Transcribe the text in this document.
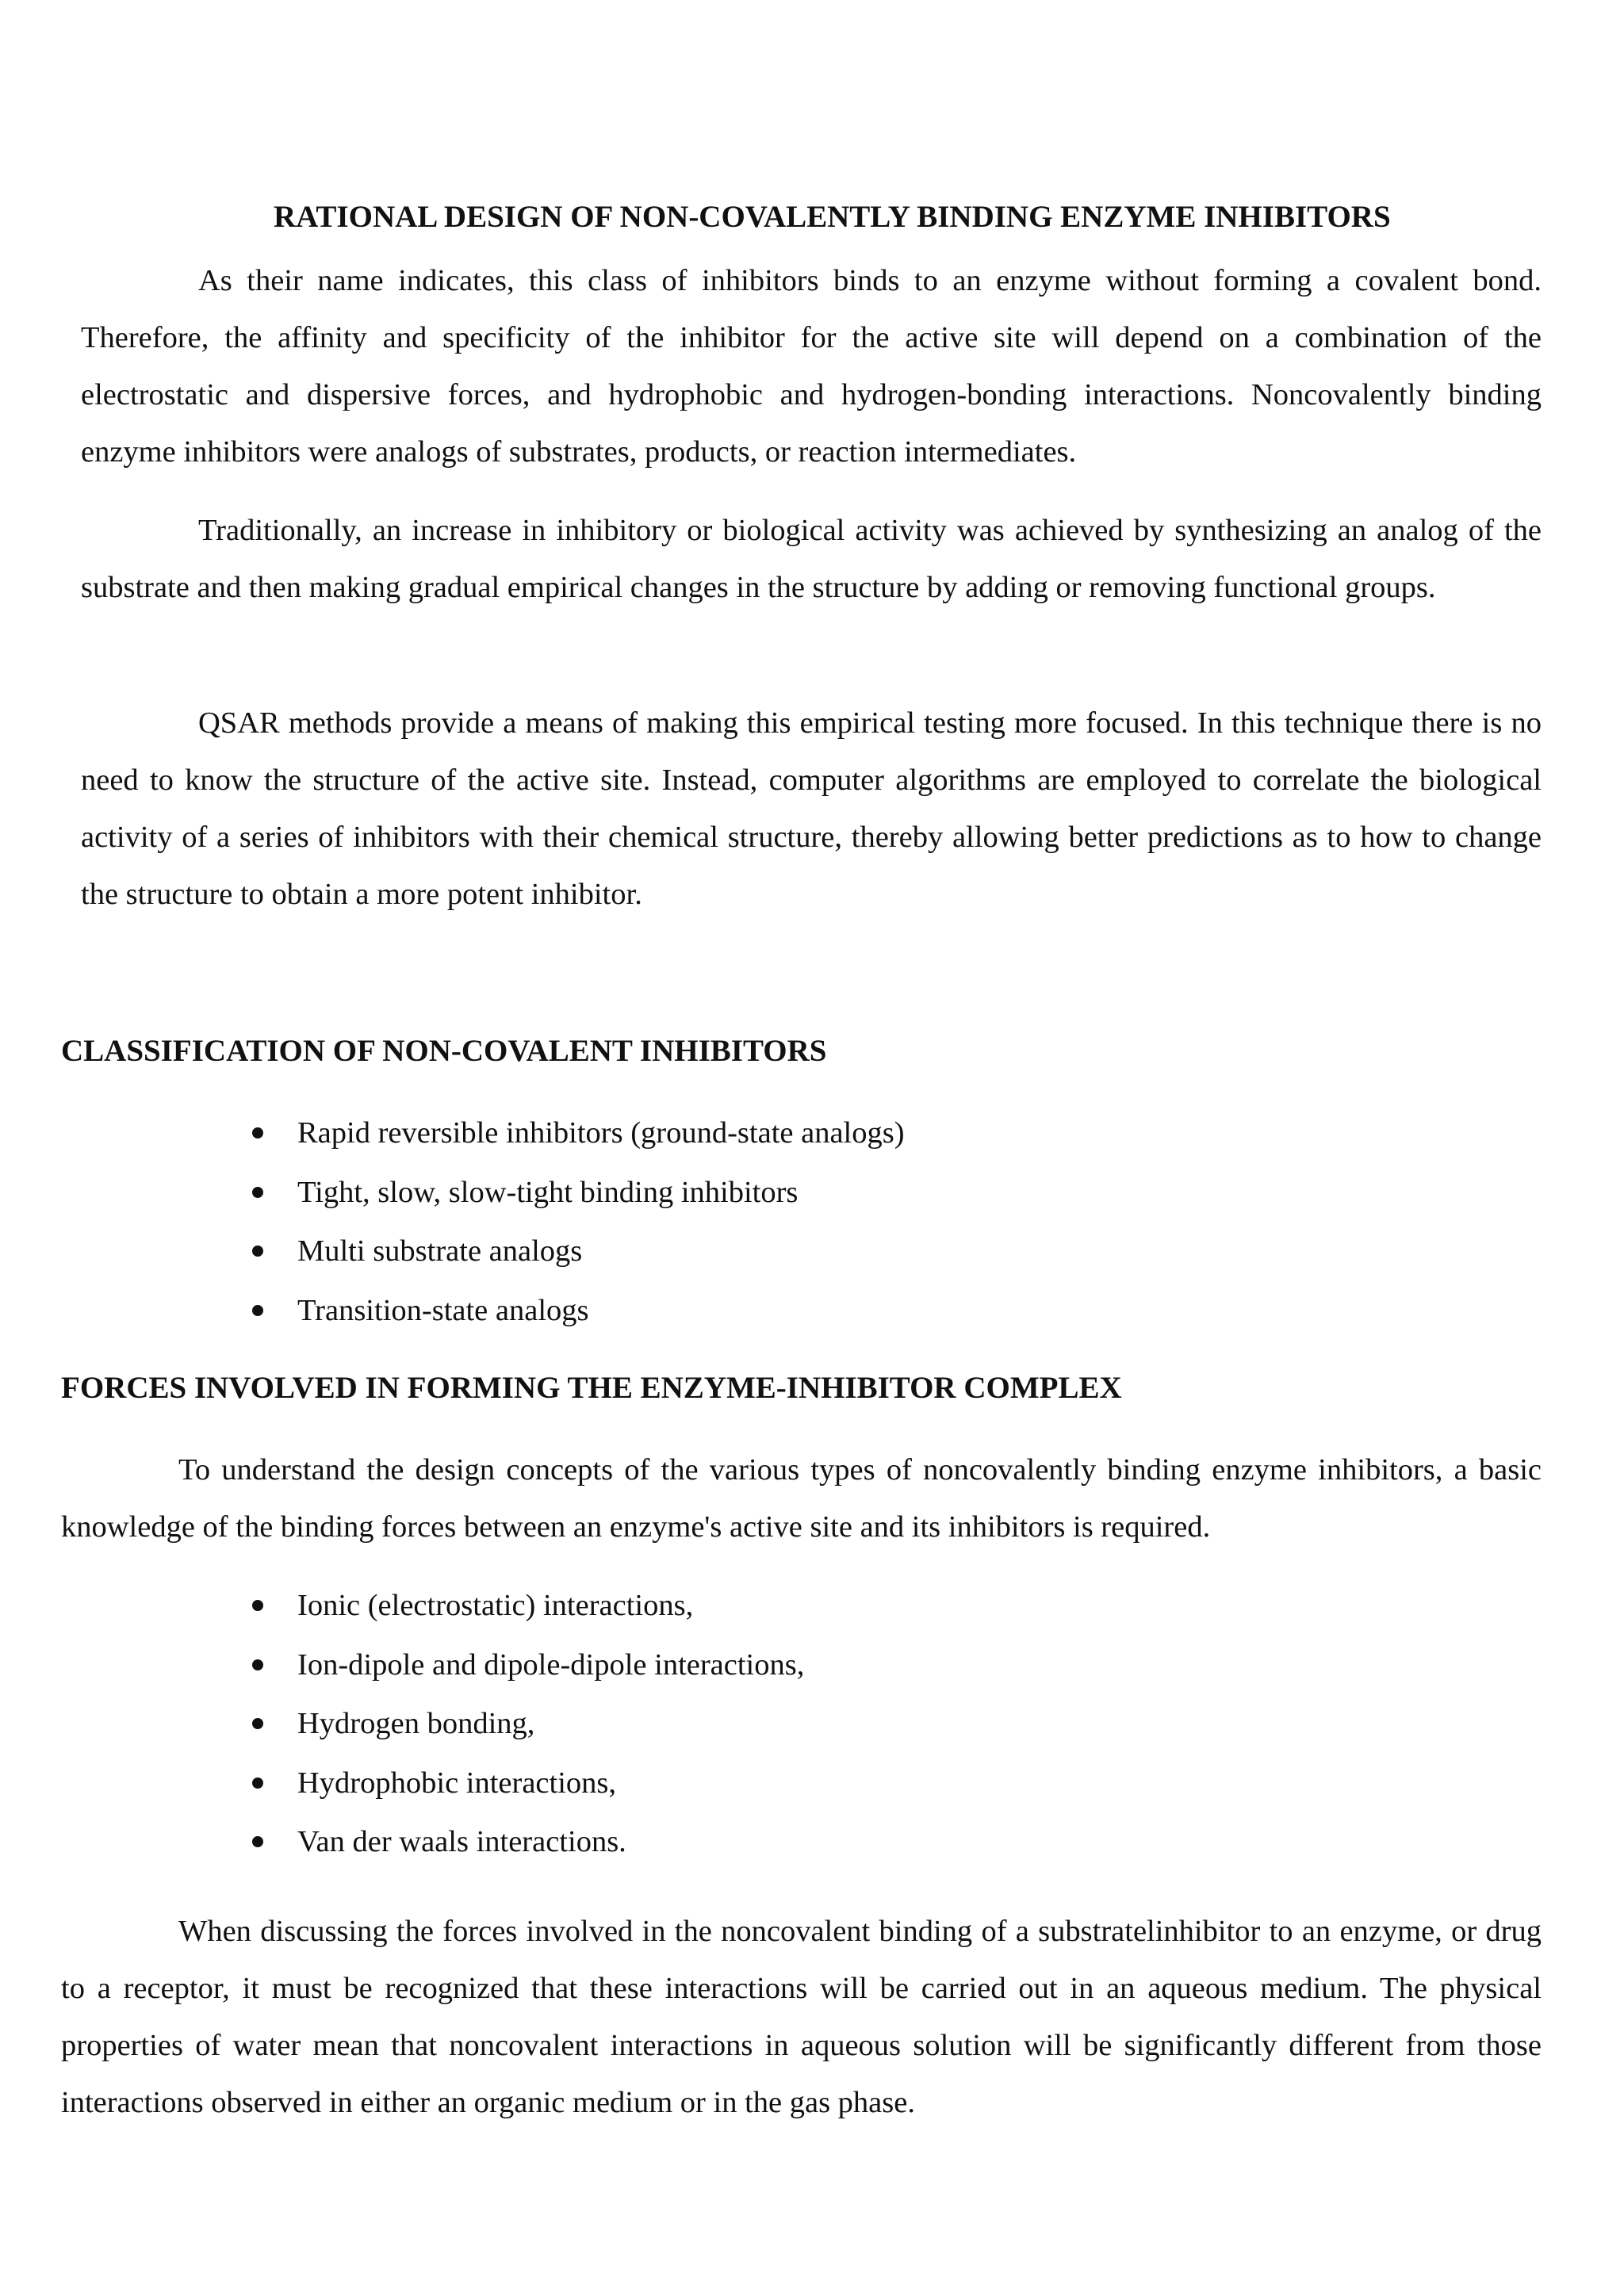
RATIONAL DESIGN OF NON-COVALENTLY BINDING ENZYME INHIBITORS

As their name indicates, this class of inhibitors binds to an enzyme without forming a covalent bond. Therefore, the affinity and specificity of the inhibitor for the active site will depend on a combination of the electrostatic and dispersive forces, and hydrophobic and hydrogen-bonding interactions. Noncovalently binding enzyme inhibitors were analogs of substrates, products, or reaction intermediates.

Traditionally, an increase in inhibitory or biological activity was achieved by synthesizing an analog of the substrate and then making gradual empirical changes in the structure by adding or removing functional groups.

QSAR methods provide a means of making this empirical testing more focused. In this technique there is no need to know the structure of the active site. Instead, computer algorithms are employed to correlate the biological activity of a series of inhibitors with their chemical structure, thereby allowing better predictions as to how to change the structure to obtain a more potent inhibitor.

CLASSIFICATION OF NON-COVALENT INHIBITORS
Rapid reversible inhibitors (ground-state analogs)
Tight, slow, slow-tight binding inhibitors
Multi substrate analogs
Transition-state analogs
FORCES INVOLVED IN FORMING THE ENZYME-INHIBITOR COMPLEX

To understand the design concepts of the various types of noncovalently binding enzyme inhibitors, a basic knowledge of the binding forces between an enzyme's active site and its inhibitors is required.

Ionic (electrostatic) interactions,
Ion-dipole and dipole-dipole interactions,
Hydrogen bonding,
Hydrophobic interactions,
Van der waals interactions.

When discussing the forces involved in the noncovalent binding of a substratelinhibitor to an enzyme, or drug to a receptor, it must be recognized that these interactions will be carried out in an aqueous medium. The physical properties of water mean that noncovalent interactions in aqueous solution will be significantly different from those interactions observed in either an organic medium or in the gas phase.
